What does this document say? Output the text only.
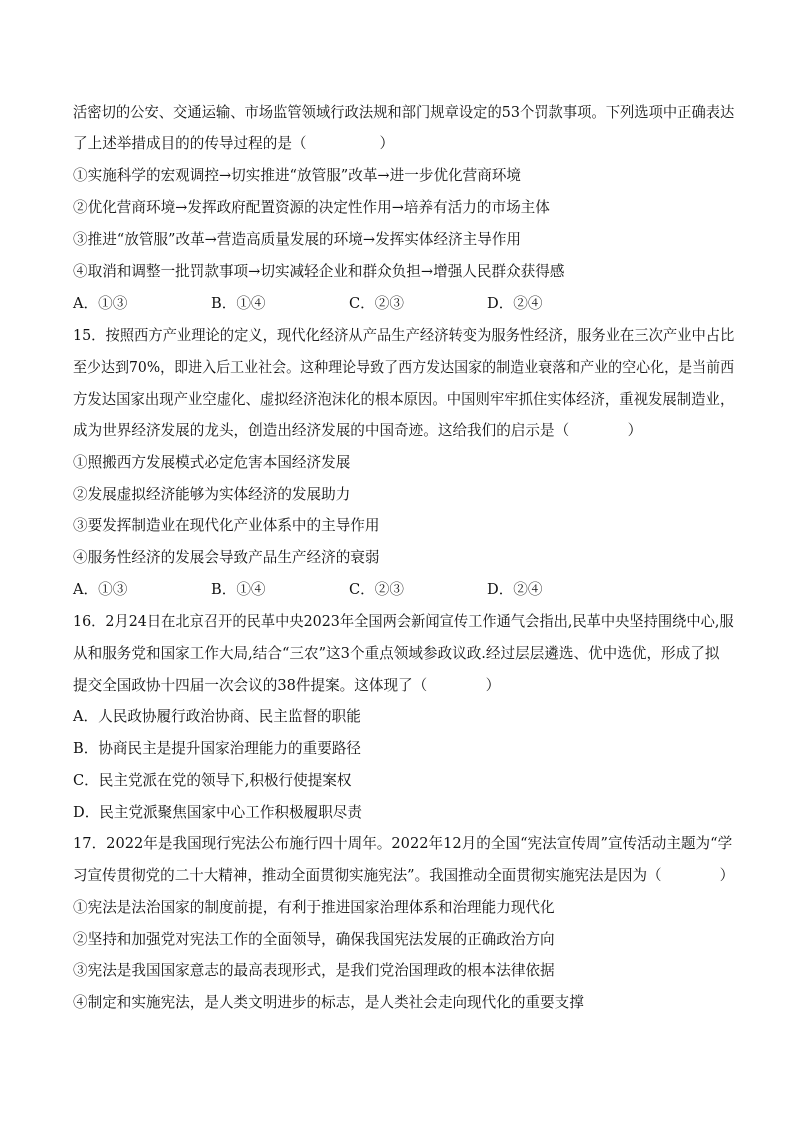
活密切的公安、交通运输、市场监管领域行政法规和部门规章设定的53个罚款事项。下列选项中正确表达
了上述举措成目的的传导过程的是（　　　　　）
①实施科学的宏观调控→切实推进“放管服”改革→进一步优化营商环境
②优化营商环境→发挥政府配置资源的决定性作用→培养有活力的市场主体
③推进“放管服”改革→营造高质量发展的环境→发挥实体经济主导作用
④取消和调整一批罚款事项→切实减轻企业和群众负担→增强人民群众获得感
A．①③	B．①④	C．②③	D．②④
15．按照西方产业理论的定义，现代化经济从产品生产经济转变为服务性经济，服务业在三次产业中占比
至少达到70%，即进入后工业社会。这种理论导致了西方发达国家的制造业衰落和产业的空心化，是当前西
方发达国家出现产业空虚化、虚拟经济泡沫化的根本原因。中国则牢牢抓住实体经济，重视发展制造业，
成为世界经济发展的龙头，创造出经济发展的中国奇迹。这给我们的启示是（　　　　）
①照搬西方发展模式必定危害本国经济发展
②发展虚拟经济能够为实体经济的发展助力
③要发挥制造业在现代化产业体系中的主导作用
④服务性经济的发展会导致产品生产经济的衰弱
A．①③	B．①④	C．②③	D．②④
16．2月24日在北京召开的民革中央2023年全国两会新闻宣传工作通气会指出,民革中央坚持围绕中心,服
从和服务党和国家工作大局,结合“三农”这3个重点领域参政议政.经过层层遴选、优中选优，形成了拟
提交全国政协十四届一次会议的38件提案。这体现了（　　　　）
A．人民政协履行政治协商、民主监督的职能
B．协商民主是提升国家治理能力的重要路径
C．民主党派在党的领导下,积极行使提案权
D．民主党派聚焦国家中心工作积极履职尽责
17．2022年是我国现行宪法公布施行四十周年。2022年12月的全国“宪法宣传周”宣传活动主题为“学
习宣传贯彻党的二十大精神，推动全面贯彻实施宪法”。我国推动全面贯彻实施宪法是因为（　　　　）
①宪法是法治国家的制度前提，有利于推进国家治理体系和治理能力现代化
②坚持和加强党对宪法工作的全面领导，确保我国宪法发展的正确政治方向
③宪法是我国国家意志的最高表现形式，是我们党治国理政的根本法律依据
④制定和实施宪法，是人类文明进步的标志，是人类社会走向现代化的重要支撑
